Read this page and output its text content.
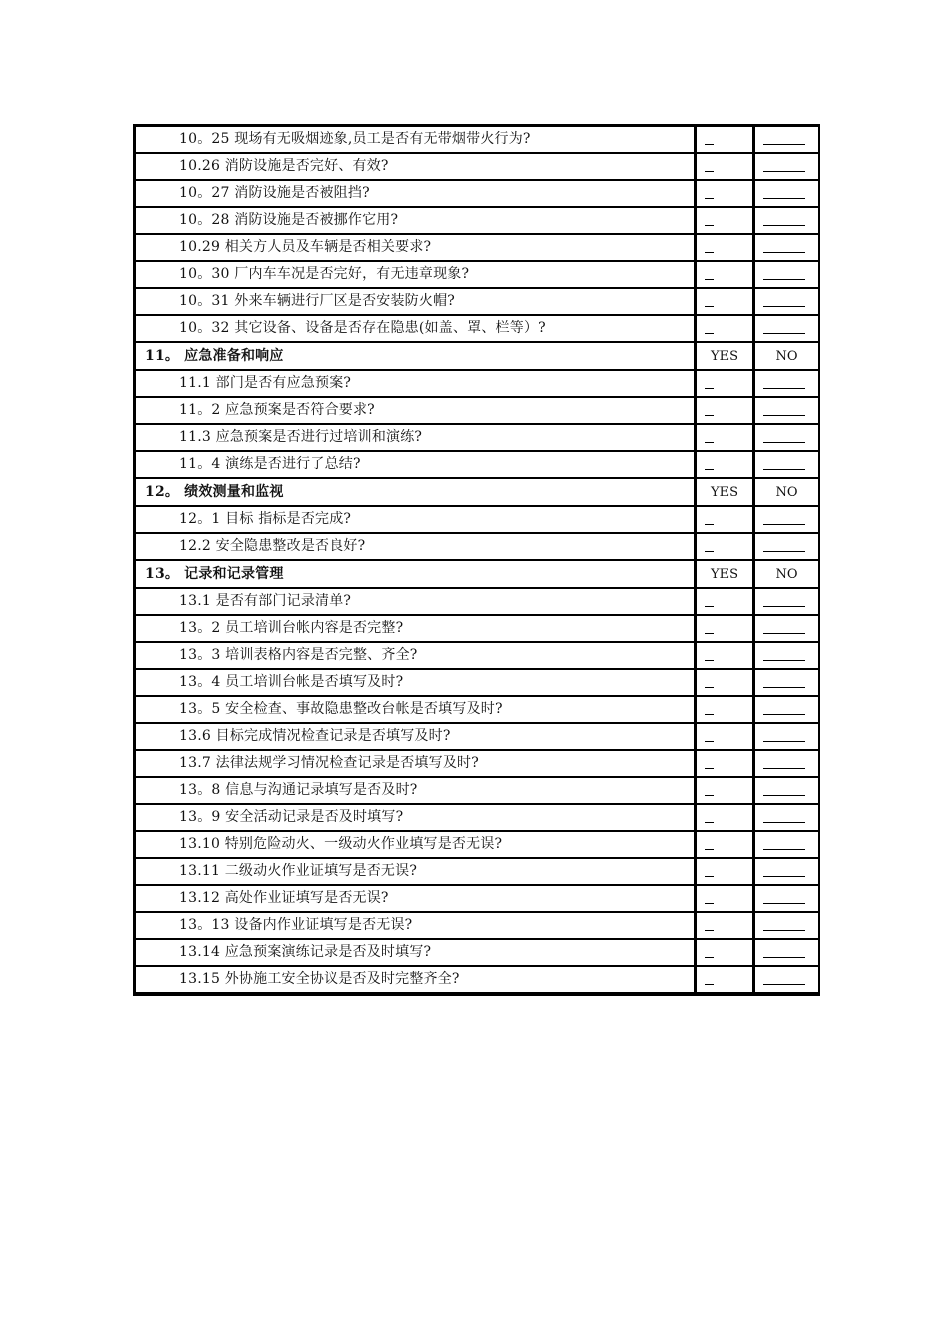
10。25 现场有无吸烟迹象,员工是否有无带烟带火行为?		
10.26 消防设施是否完好、有效?		
10。27 消防设施是否被阻挡?		
10。28 消防设施是否被挪作它用?		
10.29 相关方人员及车辆是否相关要求?		
10。30 厂内车车况是否完好，有无违章现象?		
10。31 外来车辆进行厂区是否安装防火帽?		
10。32 其它设备、设备是否存在隐患(如盖、罩、栏等）?		
11。 应急准备和响应	YES	NO
11.1 部门是否有应急预案?		
11。2 应急预案是否符合要求?		
11.3 应急预案是否进行过培训和演练?		
11。4 演练是否进行了总结?		
12。 绩效测量和监视	YES	NO
12。1 目标 指标是否完成?		
12.2 安全隐患整改是否良好?		
13。 记录和记录管理	YES	NO
13.1 是否有部门记录清单?		
13。2 员工培训台帐内容是否完整?		
13。3 培训表格内容是否完整、齐全?		
13。4 员工培训台帐是否填写及时?		
13。5 安全检查、事故隐患整改台帐是否填写及时?		
13.6 目标完成情况检查记录是否填写及时?		
13.7 法律法规学习情况检查记录是否填写及时?		
13。8 信息与沟通记录填写是否及时?		
13。9 安全活动记录是否及时填写?		
13.10 特别危险动火、一级动火作业填写是否无误?		
13.11 二级动火作业证填写是否无误?		
13.12 高处作业证填写是否无误?		
13。13 设备内作业证填写是否无误?		
13.14 应急预案演练记录是否及时填写?		
13.15 外协施工安全协议是否及时完整齐全?		
